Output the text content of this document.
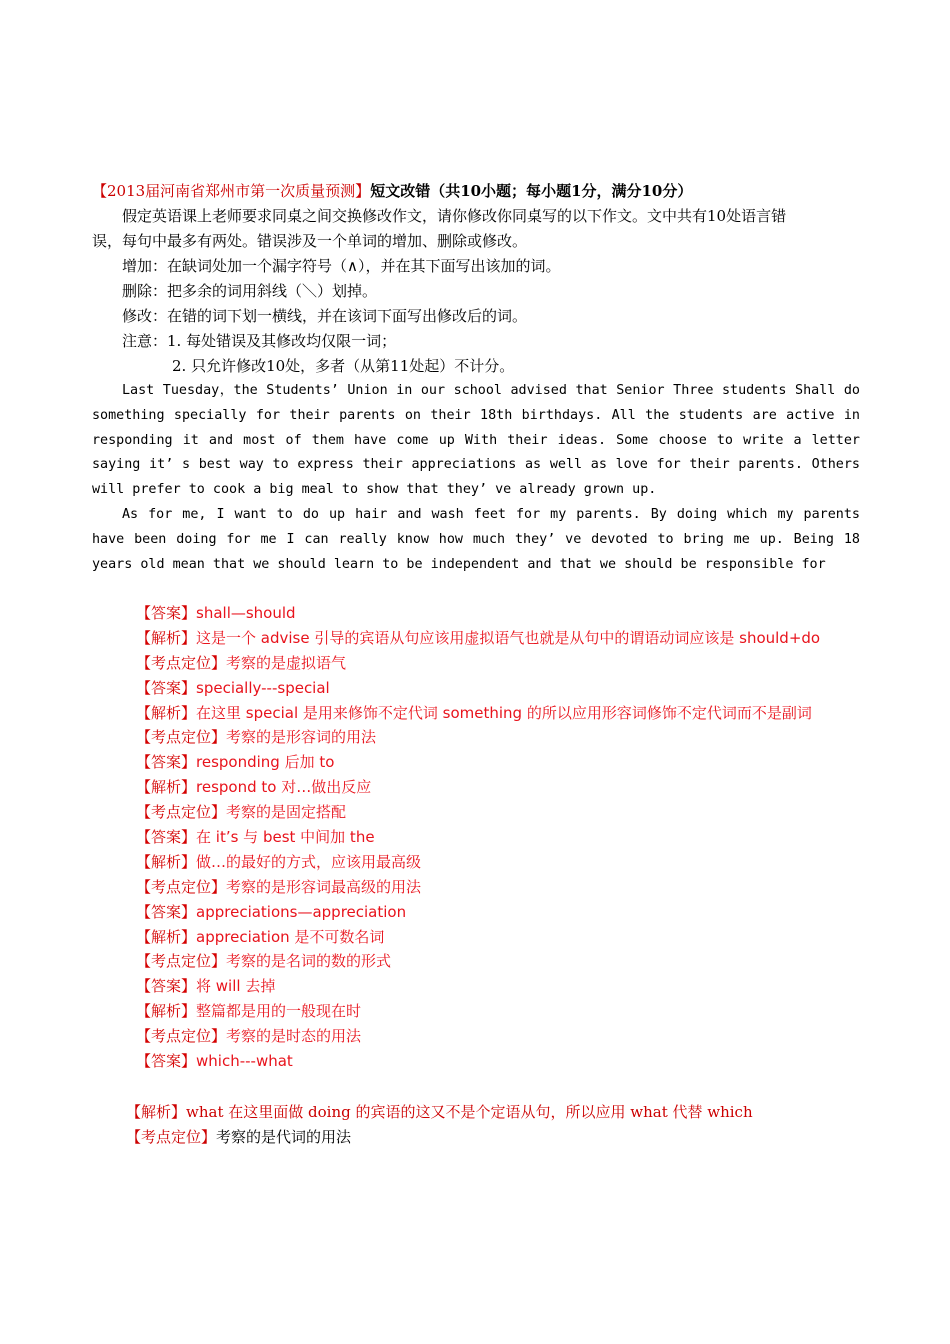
【2013届河南省郑州市第一次质量预测】短文改错（共10小题；每小题1分，满分10分）

假定英语课上老师要求同桌之间交换修改作文，请你修改你同桌写的以下作文。文中共有10处语言错

误，每句中最多有两处。错误涉及一个单词的增加、删除或修改。

增加：在缺词处加一个漏字符号（∧），并在其下面写出该加的词。

删除：把多余的词用斜线（＼）划掉。

修改：在错的词下划一横线，并在该词下面写出修改后的词。

注意：1. 每处错误及其修改均仅限一词；

2. 只允许修改10处，多者（从第11处起）不计分。

Last Tuesday，the Students’ Union in our school advised that Senior Three students Shall do something specially for their parents on their 18th birthdays. All the students are active in responding it and most of them have come up With their ideas. Some choose to write a letter saying it’ s best way to express their appreciations as well as love for their parents. Others will prefer to cook a big meal to show that they’ ve already grown up.

As for me, I want to do up hair and wash feet for my parents. By doing which my parents have been doing for me I can really know how much they’ ve devoted to bring me up. Being 18 years old mean that we should learn to be independent and that we should be responsible for

【答案】shall—should
【解析】这是一个 advise 引导的宾语从句应该用虚拟语气也就是从句中的谓语动词应该是 should+do
【考点定位】考察的是虚拟语气
【答案】specially---special
【解析】在这里 special 是用来修饰不定代词 something 的所以应用形容词修饰不定代词而不是副词
【考点定位】考察的是形容词的用法
【答案】responding 后加 to
【解析】respond to 对…做出反应
【考点定位】考察的是固定搭配
【答案】在 it’s 与 best 中间加 the
【解析】做…的最好的方式，应该用最高级
【考点定位】考察的是形容词最高级的用法
【答案】appreciations—appreciation
【解析】appreciation 是不可数名词
【考点定位】考察的是名词的数的形式
【答案】将 will 去掉
【解析】整篇都是用的一般现在时
【考点定位】考察的是时态的用法
【答案】which---what
【解析】what 在这里面做 doing 的宾语的这又不是个定语从句，所以应用 what 代替 which
【考点定位】考察的是代词的用法
